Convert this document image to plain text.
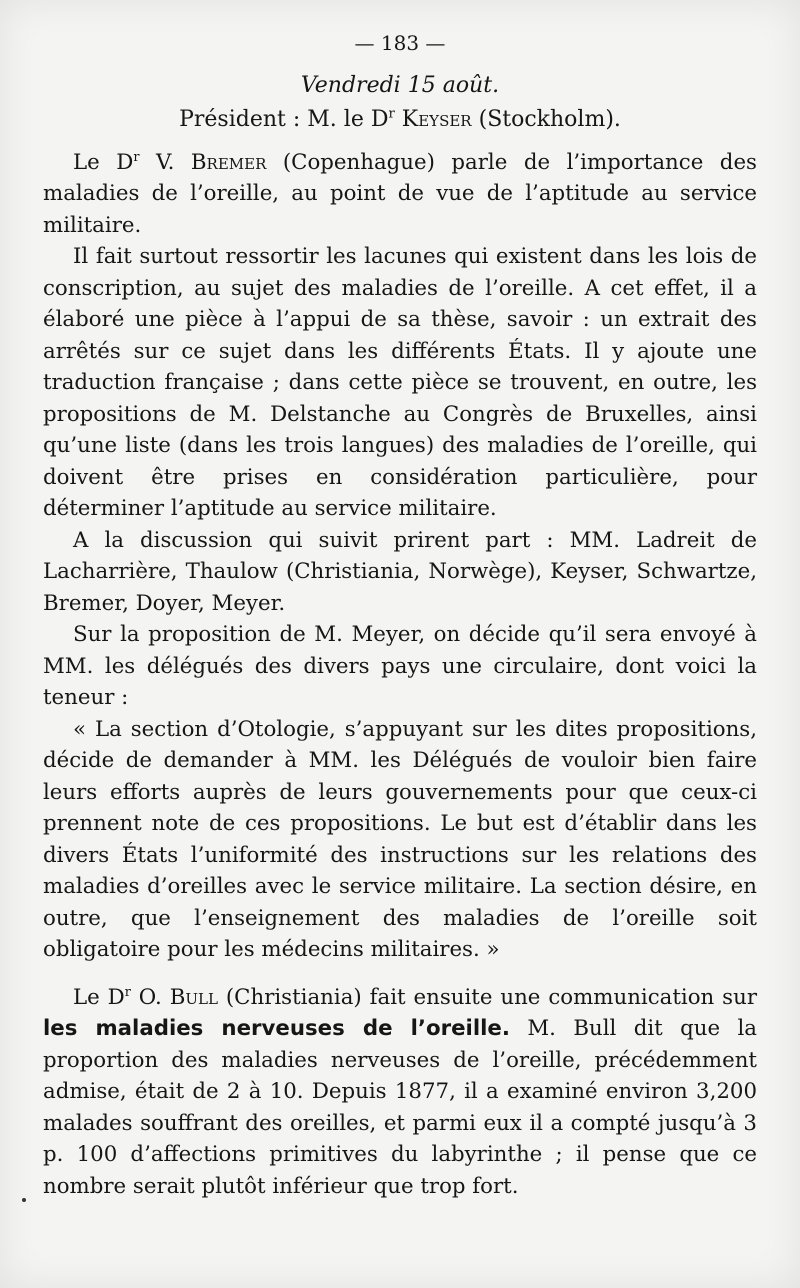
— 183 —
Vendredi 15 août.
Président : M. le $D^r$ Keyser (Stockholm).

Le $D^r$ V. Bremer (Copenhague) parle de l’importance des maladies de l’oreille, au point de vue de l’aptitude au service militaire.

Il fait surtout ressortir les lacunes qui existent dans les lois de conscription, au sujet des maladies de l’oreille. A cet effet, il a élaboré une pièce à l’appui de sa thèse, savoir : un extrait des arrêtés sur ce sujet dans les différents États. Il y ajoute une traduction française ; dans cette pièce se trouvent, en outre, les propositions de M. Delstanche au Congrès de Bruxelles, ainsi qu’une liste (dans les trois langues) des maladies de l’oreille, qui doivent être prises en considération particulière, pour déterminer l’aptitude au service militaire.

A la discussion qui suivit prirent part : MM. Ladreit de Lacharrière, Thaulow (Christiania, Norwège), Keyser, Schwartze, Bremer, Doyer, Meyer.

Sur la proposition de M. Meyer, on décide qu’il sera envoyé à MM. les délégués des divers pays une circulaire, dont voici la teneur :

« La section d’Otologie, s’appuyant sur les dites propositions, décide de demander à MM. les Délégués de vouloir bien faire leurs efforts auprès de leurs gouvernements pour que ceux-ci prennent note de ces propositions. Le but est d’établir dans les divers États l’uniformité des instructions sur les relations des maladies d’oreilles avec le service militaire. La section désire, en outre, que l’enseignement des maladies de l’oreille soit obligatoire pour les médecins militaires. »

Le $D^r$ O. Bull (Christiania) fait ensuite une communication sur les maladies nerveuses de l’oreille. M. Bull dit que la proportion des maladies nerveuses de l’oreille, précédemment admise, était de 2 à 10. Depuis 1877, il a examiné environ 3,200 malades souffrant des oreilles, et parmi eux il a compté jusqu’à 3 p. 100 d’affections primitives du labyrinthe ; il pense que ce nombre serait plutôt inférieur que trop fort.
